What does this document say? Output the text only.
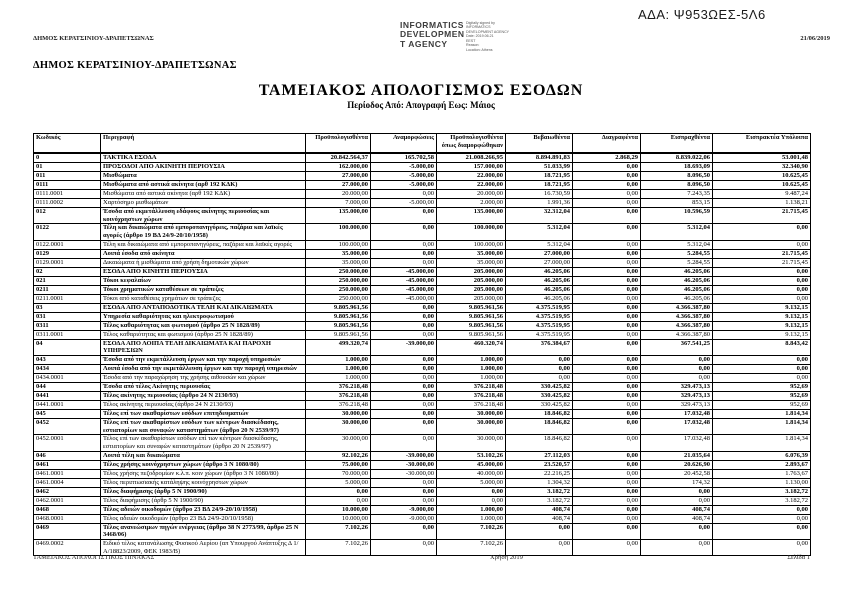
ΑΔΑ: Ψ953ΩΕΣ-5Λ6
INFORMATICS DEVELOPMEN T AGENCY
Digitally signed by
INFORMATICS
DEVELOPMENT AGENCY
Date: 2019.06.21
EEST
Reason:
Location: Athens
ΔΗΜΟΣ ΚΕΡΑΤΣΙΝΙΟΥ-ΔΡΑΠΕΤΣΩΝΑΣ	21/06/2019
ΔΗΜΟΣ ΚΕΡΑΤΣΙΝΙΟΥ-ΔΡΑΠΕΤΣΩΝΑΣ
ΤΑΜΕΙΑΚΟΣ ΑΠΟΛΟΓΙΣΜΟΣ ΕΣΟΔΩΝ
Περίοδος Από: Απογραφή Εως: Μάιος
Κωδικός	Περιγραφή	Προϋπολογισθέντα	Αναμορφώσεις	Προϋπολογισθέντα όπως διαμορφώθηκαν	Βεβαιωθέντα	Διαγραφέντα	Εισπραχθέντα	Εισπρακτέα Υπόλοιπα
0	ΤΑΚΤΙΚΑ ΕΣΟΔΑ	20.842.564,37	165.702,58	21.008.266,95	8.894.891,83	2.868,29	8.839.022,06	53.001,48
01	ΠΡΟΣΟΔΟΙ ΑΠΟ ΑΚΙΝΗΤΗ ΠΕΡΙΟΥΣΙΑ	162.000,00	-5.000,00	157.000,00	51.033,99	0,00	18.693,09	32.340,90
011	Μισθώματα	27.000,00	-5.000,00	22.000,00	18.721,95	0,00	8.096,50	10.625,45
0111	Μισθώματα από αστικά ακίνητα (αρθ 192 ΚΔΚ)	27.000,00	-5.000,00	22.000,00	18.721,95	0,00	8.096,50	10.625,45
0111.0001	Μισθώματα από αστικά ακίνητα (αρθ 192 ΚΔΚ)	20.000,00	0,00	20.000,00	16.730,59	0,00	7.243,35	9.487,24
0111.0002	Χαρτόσημο μισθωμάτων	7.000,00	-5.000,00	2.000,00	1.991,36	0,00	853,15	1.138,21
012	Έσοδα από εκμετάλλευση εδάφους ακίνητης περιουσίας και κοινόχρηστων χώρων	135.000,00	0,00	135.000,00	32.312,04	0,00	10.596,59	21.715,45
0122	Τέλη και δικαιώματα από εμποροπανηγύρεις, παζάρια και λαϊκές αγορές (άρθρο 19 ΒΔ 24/9-20/10/1958)	100.000,00	0,00	100.000,00	5.312,04	0,00	5.312,04	0,00
0122.0001	Τέλη και δικαιώματα από εμποροπανηγύρεις, παζάρια και λαϊκές αγορές	100.000,00	0,00	100.000,00	5.312,04	0,00	5.312,04	0,00
0129	Λοιπά έσοδα από ακίνητα	35.000,00	0,00	35.000,00	27.000,00	0,00	5.284,55	21.715,45
0129.0001	Δικαιώματα ή μισθώματα από χρήση δημοτικών χώρων	35.000,00	0,00	35.000,00	27.000,00	0,00	5.284,55	21.715,45
02	ΕΣΟΔΑ ΑΠΟ ΚΙΝΗΤΗ ΠΕΡΙΟΥΣΙΑ	250.000,00	-45.000,00	205.000,00	46.205,06	0,00	46.205,06	0,00
021	Τόκοι κεφαλαίων	250.000,00	-45.000,00	205.000,00	46.205,06	0,00	46.205,06	0,00
0211	Τόκοι χρηματικών καταθέσεων σε τράπεζες	250.000,00	-45.000,00	205.000,00	46.205,06	0,00	46.205,06	0,00
0211.0001	Τόκοι από καταθέσεις χρημάτων σε τράπεζες	250.000,00	-45.000,00	205.000,00	46.205,06	0,00	46.205,06	0,00
03	ΕΣΟΔΑ ΑΠΟ ΑΝΤΑΠΟΔΟΤΙΚΑ ΤΕΛΗ ΚΑΙ ΔΙΚΑΙΩΜΑΤΑ	9.805.961,56	0,00	9.805.961,56	4.375.519,95	0,00	4.366.387,80	9.132,15
031	Υπηρεσία καθαριότητας και ηλεκτροφωτισμού	9.805.961,56	0,00	9.805.961,56	4.375.519,95	0,00	4.366.387,80	9.132,15
0311	Τέλος καθαριότητας και φωτισμού (άρθρο 25 Ν 1828/89)	9.805.961,56	0,00	9.805.961,56	4.375.519,95	0,00	4.366.387,80	9.132,15
0311.0001	Τέλος καθαριότητας και φωτισμού (άρθρο 25 Ν 1828/89)	9.805.961,56	0,00	9.805.961,56	4.375.519,95	0,00	4.366.387,80	9.132,15
04	ΕΣΟΔΑ ΑΠΟ ΛΟΙΠΑ ΤΕΛΗ ΔΙΚΑΙΩΜΑΤΑ ΚΑΙ ΠΑΡΟΧΗ ΥΠΗΡΕΣΙΩΝ	499.320,74	-39.000,00	460.320,74	376.384,67	0,00	367.541,25	8.843,42
043	Έσοδα από την εκμετάλλευση έργων και την παροχή υπηρεσιών	1.000,00	0,00	1.000,00	0,00	0,00	0,00	0,00
0434	Λοιπά έσοδα από την εκμετάλλευση έργων και την παροχή υπηρεσιών	1.000,00	0,00	1.000,00	0,00	0,00	0,00	0,00
0434.0001	Έσοδα από την παραχώρηση της χρήσης αιθουσών και χώρων	1.000,00	0,00	1.000,00	0,00	0,00	0,00	0,00
044	Έσοδα από τέλος Ακίνητης περιουσίας	376.218,48	0,00	376.218,48	330.425,82	0,00	329.473,13	952,69
0441	Τέλος ακίνητης περιουσίας (άρθρο 24 Ν 2130/93)	376.218,48	0,00	376.218,48	330.425,82	0,00	329.473,13	952,69
0441.0001	Τέλος ακίνητης περιουσίας (άρθρο 24 Ν 2130/93)	376.218,48	0,00	376.218,48	330.425,82	0,00	329.473,13	952,69
045	Τέλος επί των ακαθαρίστων εσόδων επιτηδευματιών	30.000,00	0,00	30.000,00	18.846,82	0,00	17.032,48	1.814,34
0452	Τέλος επί των ακαθαρίστων εσόδων των κέντρων διασκέδασης, εστιατορίων και συναφών καταστημάτων (άρθρο 20 Ν 2539/97)	30.000,00	0,00	30.000,00	18.846,82	0,00	17.032,48	1.814,34
0452.0001	Τέλος επί των ακαθαρίστων εσόδων επί των κέντρων διασκέδασης, εστιατορίων και συναφών καταστημάτων (άρθρο 20 Ν 2539/97)	30.000,00	0,00	30.000,00	18.846,82	0,00	17.032,48	1.814,34
046	Λοιπά τέλη και δικαιώματα	92.102,26	-39.000,00	53.102,26	27.112,03	0,00	21.035,64	6.076,39
0461	Τέλος χρήσης κοινόχρηστων χώρων (άρθρο 3 Ν 1080/80)	75.000,00	-30.000,00	45.000,00	23.520,57	0,00	20.626,90	2.893,67
0461.0001	Τέλος χρήσης πεζοδρομίων κ.λ.π. κοιν χώρων (άρθρο 3 Ν 1080/80)	70.000,00	-30.000,00	40.000,00	22.216,25	0,00	20.452,58	1.763,67
0461.0004	Τέλος περιπτωσιακής κατάληψης κοινόχρηστων χώρων	5.000,00	0,00	5.000,00	1.304,32	0,00	174,32	1.130,00
0462	Τέλος διαφήμισης (άρθρ 5 Ν 1900/90)	0,00	0,00	0,00	3.182,72	0,00	0,00	3.182,72
0462.0001	Τέλος διαφήμισης (άρθρ 5 Ν 1900/90)	0,00	0,00	0,00	3.182,72	0,00	0,00	3.182,72
0468	Τέλος αδειών οικοδομών (άρθρο 23 ΒΔ 24/9-20/10/1958)	10.000,00	-9.000,00	1.000,00	408,74	0,00	408,74	0,00
0468.0001	Τέλος αδειών οικοδομών (άρθρο 23 ΒΔ 24/9-20/10/1958)	10.000,00	-9.000,00	1.000,00	408,74	0,00	408,74	0,00
0469	Τέλος ανανεώσιμων πηγών ενέργειας (άρθρο 38 Ν 2773/99, άρθρο 25 Ν 3468/06)	7.102,26	0,00	7.102,26	0,00	0,00	0,00	0,00
0469.0002	Ειδικό τέλος κατανάλωσης Φυσικού Αερίου (απ Υπουργού Ανάπτυξης Δ 1/Α/18823/2009, ΦΕΚ 1983/Β)	7.102,26	0,00	7.102,26	0,00	0,00	0,00	0,00
ΤΑΜΕΙΑΚΟΣ ΑΠΟΛΟΓΙΣΤΙΚΟΣ ΠΙΝΑΚΑΣ	Χρήση 2019	Σελίδα 1
